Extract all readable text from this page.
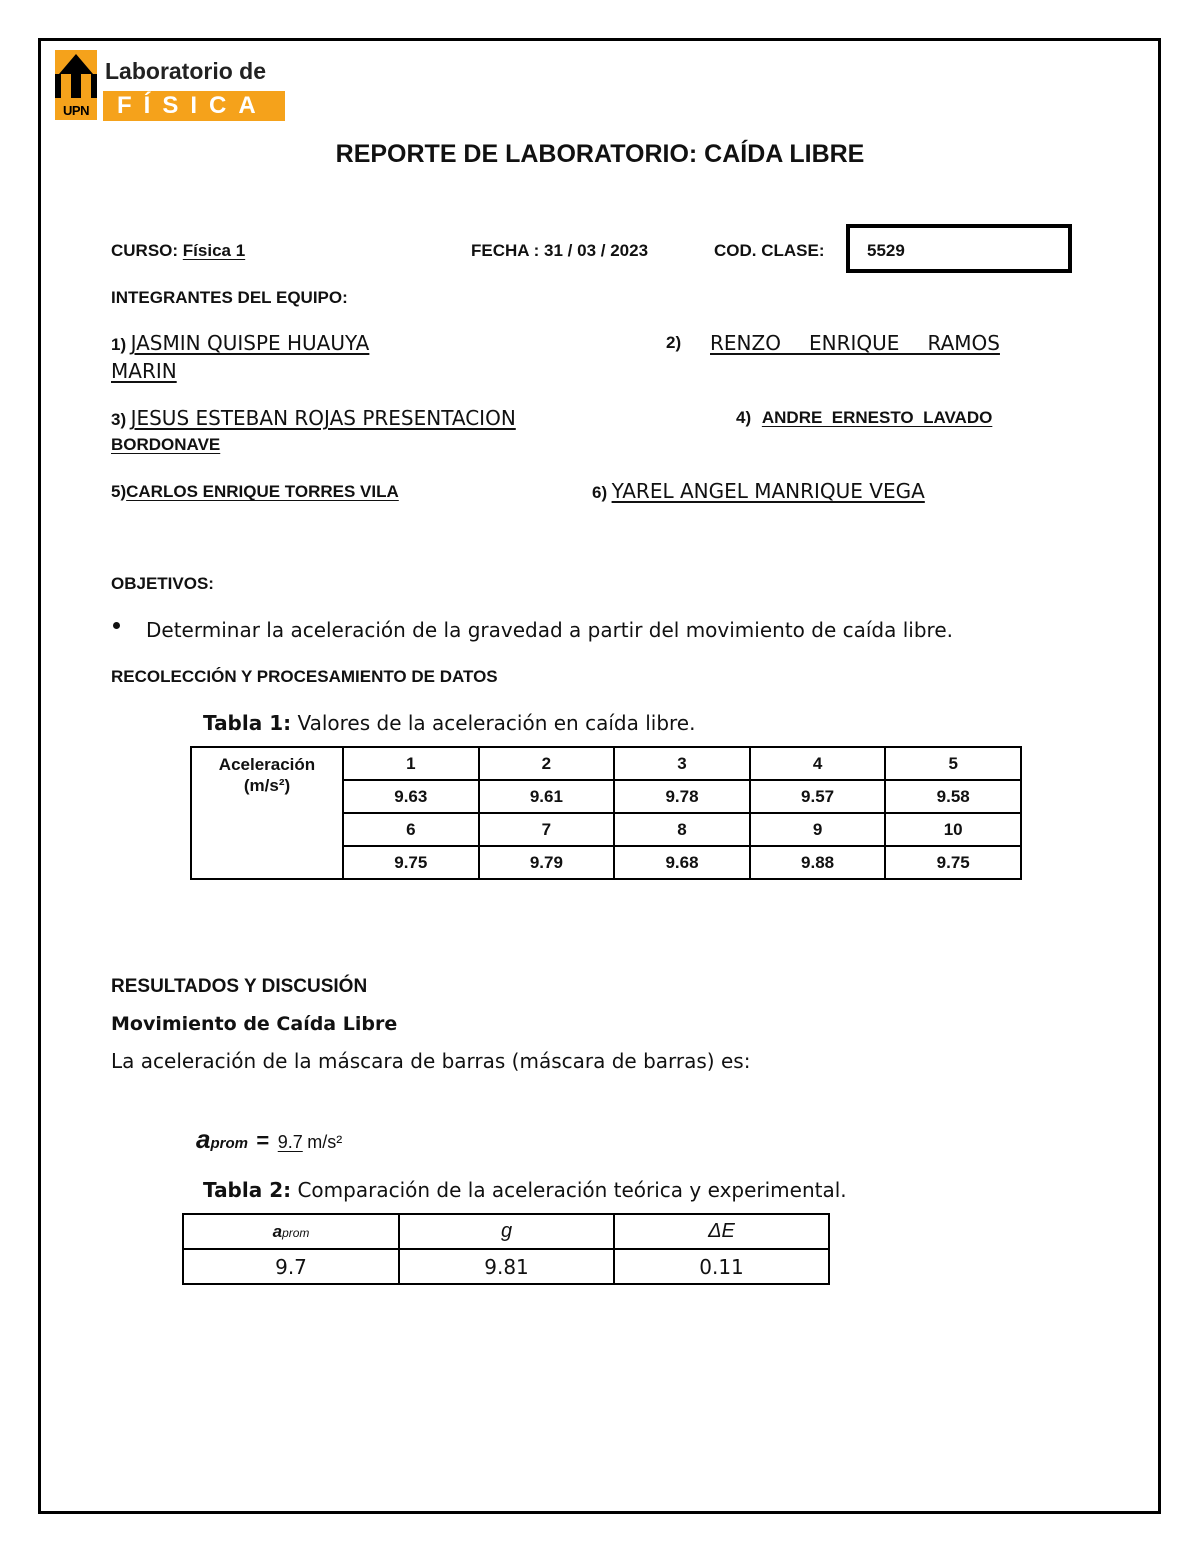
UPN
Laboratorio de
FÍSICA
REPORTE DE LABORATORIO: CAÍDA LIBRE
CURSO: Física 1	FECHA : 31 / 03 / 2023	COD. CLASE:	5529
INTEGRANTES DEL EQUIPO:
1) JASMIN QUISPE HUAUYA
MARIN
2) RENZO   ENRIQUE   RAMOS
3) JESUS ESTEBAN ROJAS PRESENTACION
BORDONAVE
4) ANDRE  ERNESTO  LAVADO
5)CARLOS ENRIQUE TORRES VILA	6) YAREL ANGEL MANRIQUE VEGA
OBJETIVOS:
Determinar la aceleración de la gravedad a partir del movimiento de caída libre.
RECOLECCIÓN Y PROCESAMIENTO DE DATOS
Tabla 1: Valores de la aceleración en caída libre.
Aceleración
(m/s²)	1	2	3	4	5
	9.63	9.61	9.78	9.57	9.58
	6	7	8	9	10
	9.75	9.79	9.68	9.88	9.75
RESULTADOS Y DISCUSIÓN
Movimiento de Caída Libre
La aceleración de la máscara de barras (máscara de barras) es:
aprom = 9.7 m/s²
Tabla 2: Comparación de la aceleración teórica y experimental.
aprom	g	ΔE
9.7	9.81	0.11
